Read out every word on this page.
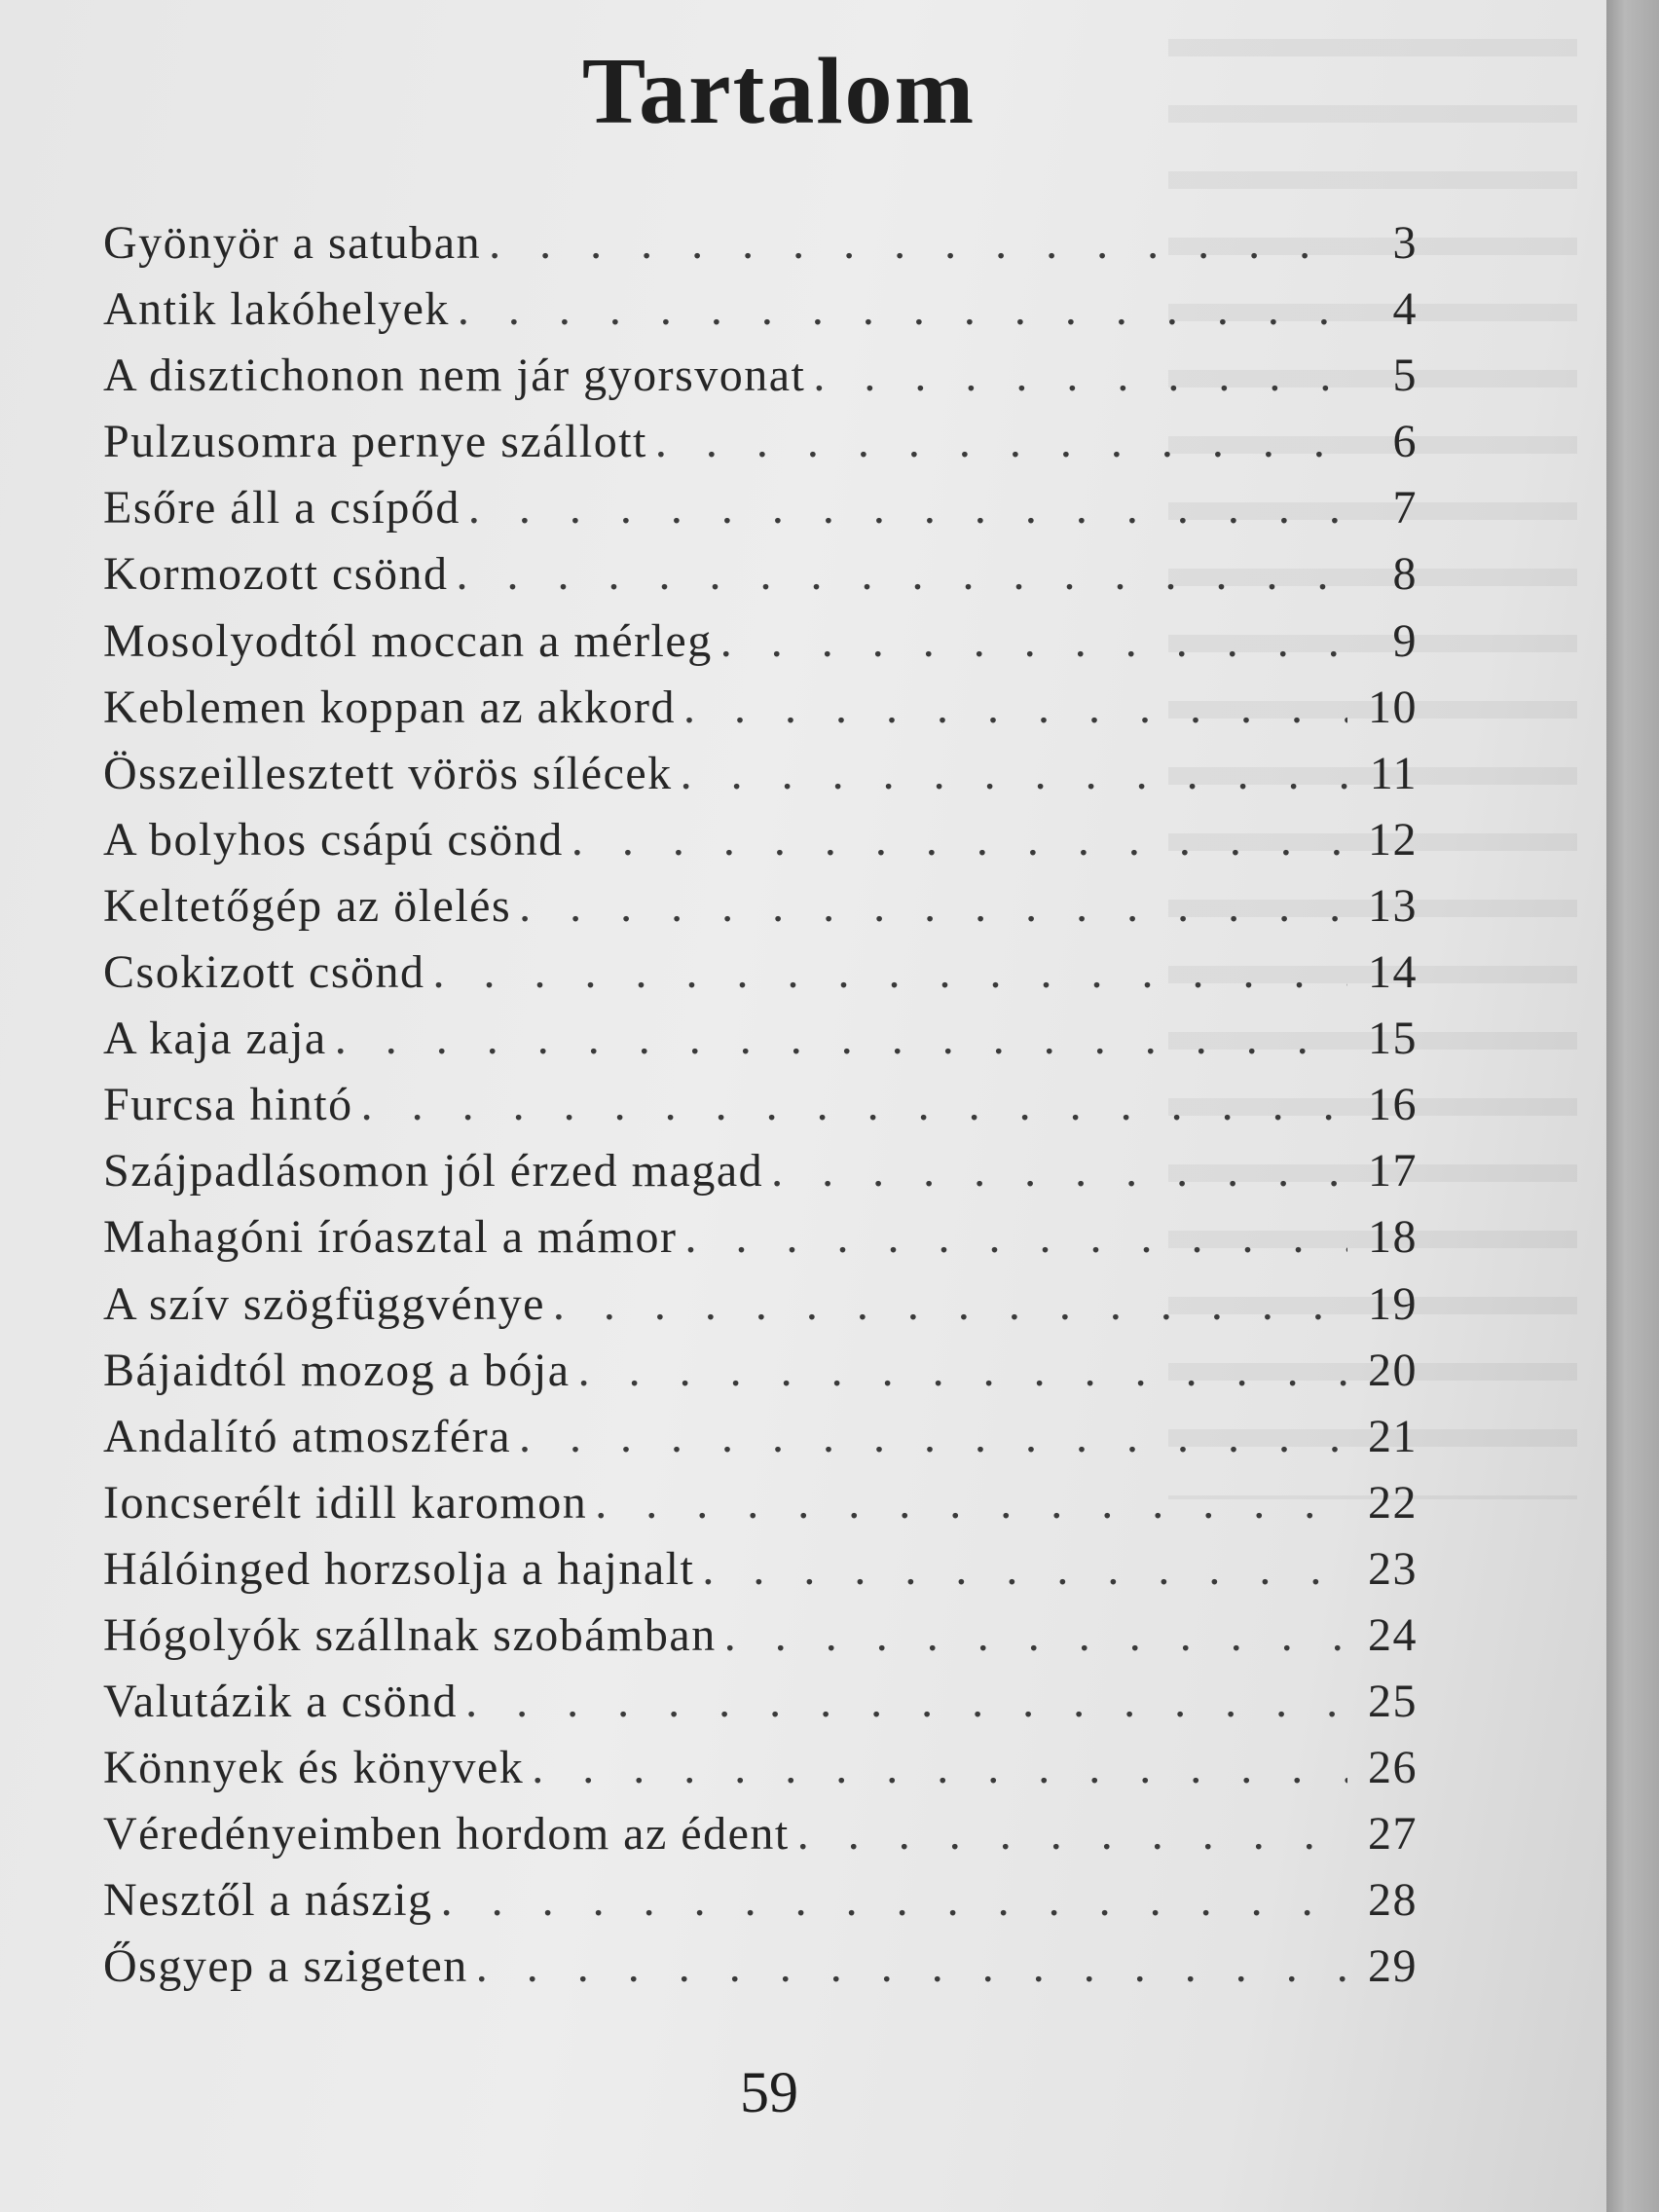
Tartalom
Gyönyör a satuban . . .	3
Antik lakóhelyek . . .	4
A disztichonon nem jár gyorsvonat . . .	5
Pulzusomra pernye szállott . . .	6
Esőre áll a csípőd . . .	7
Kormozott csönd . . .	8
Mosolyodtól moccan a mérleg . . .	9
Keblemen koppan az akkord . . .	10
Összeillesztett vörös sílécek . . .	11
A bolyhos csápú csönd . . .	12
Keltetőgép az ölelés . . .	13
Csokizott csönd . . .	14
A kaja zaja . . .	15
Furcsa hintó . . .	16
Szájpadlásomon jól érzed magad . . .	17
Mahagóni íróasztal a mámor . . .	18
A szív szögfüggvénye . . .	19
Bájaidtól mozog a bója . . .	20
Andalító atmoszféra . . .	21
Ioncserélt idill karomon . . .	22
Hálóinged horzsolja a hajnalt . . .	23
Hógolyók szállnak szobámban . . .	24
Valutázik a csönd . . .	25
Könnyek és könyvek . . .	26
Véredényeimben hordom az édent . . .	27
Nesztől a nászig . . .	28
Ősgyep a szigeten . . .	29
59
